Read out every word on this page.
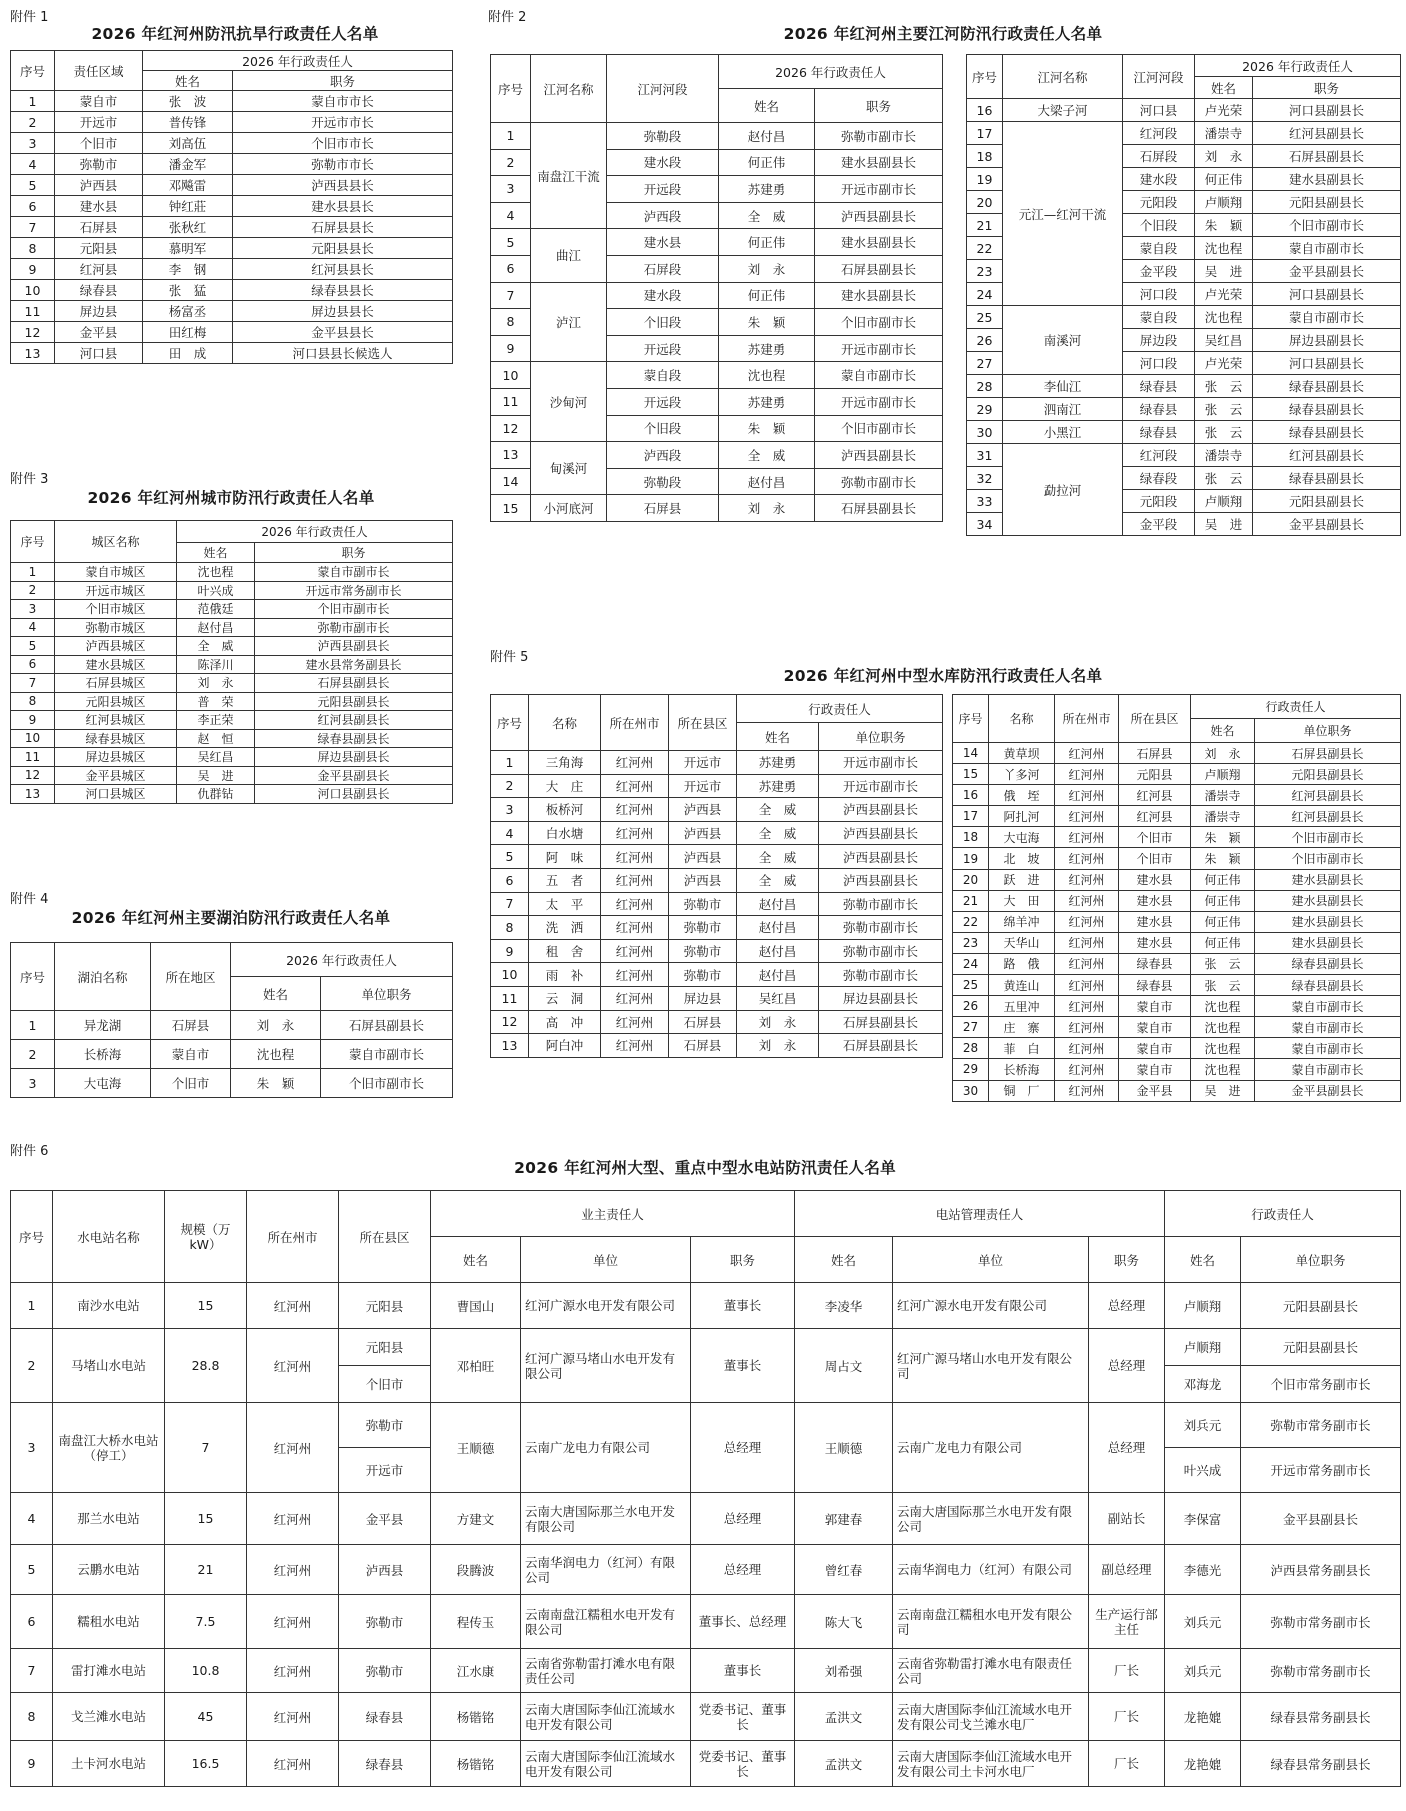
附件 1
2026 年红河州防汛抗旱行政责任人名单
序号	责任区域	2026 年行政责任人	
		姓名	职务
1	蒙自市	张　波	蒙自市市长
2	开远市	普传锋	开远市市长
3	个旧市	刘高伍	个旧市市长
4	弥勒市	潘金军	弥勒市市长
5	泸西县	邓飚雷	泸西县县长
6	建水县	钟红莊	建水县县长
7	石屏县	张秋红	石屏县县长
8	元阳县	慕明军	元阳县县长
9	红河县	李　钢	红河县县长
10	绿春县	张　猛	绿春县县长
11	屏边县	杨富丞	屏边县县长
12	金平县	田红梅	金平县县长
13	河口县	田　成	河口县县长候选人
附件 3
2026 年红河州城市防汛行政责任人名单
序号	城区名称	2026 年行政责任人	
		姓名	职务
1	蒙自市城区	沈也程	蒙自市副市长
2	开远市城区	叶兴成	开远市常务副市长
3	个旧市城区	范俄廷	个旧市副市长
4	弥勒市城区	赵付昌	弥勒市副市长
5	泸西县城区	全　威	泸西县副县长
6	建水县城区	陈泽川	建水县常务副县长
7	石屏县城区	刘　永	石屏县副县长
8	元阳县城区	普　荣	元阳县副县长
9	红河县城区	李正荣	红河县副县长
10	绿春县城区	赵　恒	绿春县副县长
11	屏边县城区	吴红昌	屏边县副县长
12	金平县城区	吴　进	金平县副县长
13	河口县城区	仇群钻	河口县副县长
附件 4
2026 年红河州主要湖泊防汛行政责任人名单
序号	湖泊名称	所在地区	2026 年行政责任人	
			姓名	单位职务
1	异龙湖	石屏县	刘　永	石屏县副县长
2	长桥海	蒙自市	沈也程	蒙自市副市长
3	大屯海	个旧市	朱　颖	个旧市副市长
附件 2
2026 年红河州主要江河防汛行政责任人名单
序号	江河名称	江河河段	2026 年行政责任人	
			姓名	职务
1	南盘江干流	弥勒段	赵付昌	弥勒市副市长
2		建水段	何正伟	建水县副县长
3		开远段	苏建勇	开远市副市长
4		泸西段	全　威	泸西县副县长
5	曲江	建水县	何正伟	建水县副县长
6		石屏段	刘　永	石屏县副县长
7	泸江	建水段	何正伟	建水县副县长
8		个旧段	朱　颖	个旧市副市长
9		开远段	苏建勇	开远市副市长
10	沙甸河	蒙自段	沈也程	蒙自市副市长
11		开远段	苏建勇	开远市副市长
12		个旧段	朱　颖	个旧市副市长
13	甸溪河	泸西段	全　威	泸西县副县长
14		弥勒段	赵付昌	弥勒市副市长
15	小河底河	石屏县	刘　永	石屏县副县长
序号	江河名称	江河河段	2026 年行政责任人	
			姓名	职务
16	大梁子河	河口县	卢光荣	河口县副县长
17	元江—红河干流	红河段	潘崇寺	红河县副县长
18		石屏段	刘　永	石屏县副县长
19		建水段	何正伟	建水县副县长
20		元阳段	卢顺翔	元阳县副县长
21		个旧段	朱　颖	个旧市副市长
22		蒙自段	沈也程	蒙自市副市长
23		金平段	吴　进	金平县副县长
24		河口段	卢光荣	河口县副县长
25	南溪河	蒙自段	沈也程	蒙自市副市长
26		屏边段	吴红昌	屏边县副县长
27		河口段	卢光荣	河口县副县长
28	李仙江	绿春县	张　云	绿春县副县长
29	泗南江	绿春县	张　云	绿春县副县长
30	小黑江	绿春县	张　云	绿春县副县长
31	勐拉河	红河段	潘崇寺	红河县副县长
32		绿春段	张　云	绿春县副县长
33		元阳段	卢顺翔	元阳县副县长
34		金平段	吴　进	金平县副县长
附件 5
2026 年红河州中型水库防汛行政责任人名单
序号	名称	所在州市	所在县区	行政责任人	
				姓名	单位职务
1	三角海	红河州	开远市	苏建勇	开远市副市长
2	大　庄	红河州	开远市	苏建勇	开远市副市长
3	板桥河	红河州	泸西县	全　威	泸西县副县长
4	白水塘	红河州	泸西县	全　威	泸西县副县长
5	阿　味	红河州	泸西县	全　威	泸西县副县长
6	五　者	红河州	泸西县	全　威	泸西县副县长
7	太　平	红河州	弥勒市	赵付昌	弥勒市副市长
8	洗　洒	红河州	弥勒市	赵付昌	弥勒市副市长
9	租　舍	红河州	弥勒市	赵付昌	弥勒市副市长
10	雨　补	红河州	弥勒市	赵付昌	弥勒市副市长
11	云　洞	红河州	屏边县	吴红昌	屏边县副县长
12	高　冲	红河州	石屏县	刘　永	石屏县副县长
13	阿白冲	红河州	石屏县	刘　永	石屏县副县长
序号	名称	所在州市	所在县区	行政责任人	
				姓名	单位职务
14	黄草坝	红河州	石屏县	刘　永	石屏县副县长
15	丫多河	红河州	元阳县	卢顺翔	元阳县副县长
16	俄　垤	红河州	红河县	潘崇寺	红河县副县长
17	阿扎河	红河州	红河县	潘崇寺	红河县副县长
18	大屯海	红河州	个旧市	朱　颖	个旧市副市长
19	北　坡	红河州	个旧市	朱　颖	个旧市副市长
20	跃　进	红河州	建水县	何正伟	建水县副县长
21	大　田	红河州	建水县	何正伟	建水县副县长
22	绵羊冲	红河州	建水县	何正伟	建水县副县长
23	天华山	红河州	建水县	何正伟	建水县副县长
24	路　俄	红河州	绿春县	张　云	绿春县副县长
25	黄连山	红河州	绿春县	张　云	绿春县副县长
26	五里冲	红河州	蒙自市	沈也程	蒙自市副市长
27	庄　寨	红河州	蒙自市	沈也程	蒙自市副市长
28	菲　白	红河州	蒙自市	沈也程	蒙自市副市长
29	长桥海	红河州	蒙自市	沈也程	蒙自市副市长
30	铜　厂	红河州	金平县	吴　进	金平县副县长
附件 6
2026 年红河州大型、重点中型水电站防汛责任人名单
序号	水电站名称	规模（万 kW）	所在州市	所在县区	业主责任人			电站管理责任人			行政责任人	
					姓名	单位	职务	姓名	单位	职务	姓名	单位职务
1	南沙水电站	15	红河州	元阳县	曹国山	红河广源水电开发有限公司	董事长	李凌华	红河广源水电开发有限公司	总经理	卢顺翔	元阳县副县长
2	马堵山水电站	28.8	红河州	元阳县	邓柏旺	红河广源马堵山水电开发有限公司	董事长	周占文	红河广源马堵山水电开发有限公司	总经理	卢顺翔	元阳县副县长
				个旧市							邓海龙	个旧市常务副市长
3	南盘江大桥水电站（停工）	7	红河州	弥勒市	王顺德	云南广龙电力有限公司	总经理	王顺德	云南广龙电力有限公司	总经理	刘兵元	弥勒市常务副市长
				开远市							叶兴成	开远市常务副市长
4	那兰水电站	15	红河州	金平县	方建文	云南大唐国际那兰水电开发有限公司	总经理	郭建春	云南大唐国际那兰水电开发有限公司	副站长	李保富	金平县副县长
5	云鹏水电站	21	红河州	泸西县	段腾波	云南华润电力（红河）有限公司	总经理	曾红春	云南华润电力（红河）有限公司	副总经理	李德光	泸西县常务副县长
6	糯租水电站	7.5	红河州	弥勒市	程传玉	云南南盘江糯租水电开发有限公司	董事长、总经理	陈大飞	云南南盘江糯租水电开发有限公司	生产运行部主任	刘兵元	弥勒市常务副市长
7	雷打滩水电站	10.8	红河州	弥勒市	江水康	云南省弥勒雷打滩水电有限责任公司	董事长	刘希强	云南省弥勒雷打滩水电有限责任公司	厂长	刘兵元	弥勒市常务副市长
8	戈兰滩水电站	45	红河州	绿春县	杨锴铭	云南大唐国际李仙江流域水电开发有限公司	党委书记、董事长	孟洪文	云南大唐国际李仙江流域水电开发有限公司戈兰滩水电厂	厂长	龙艳媲	绿春县常务副县长
9	土卡河水电站	16.5	红河州	绿春县	杨锴铭	云南大唐国际李仙江流域水电开发有限公司	党委书记、董事长	孟洪文	云南大唐国际李仙江流域水电开发有限公司土卡河水电厂	厂长	龙艳媲	绿春县常务副县长
